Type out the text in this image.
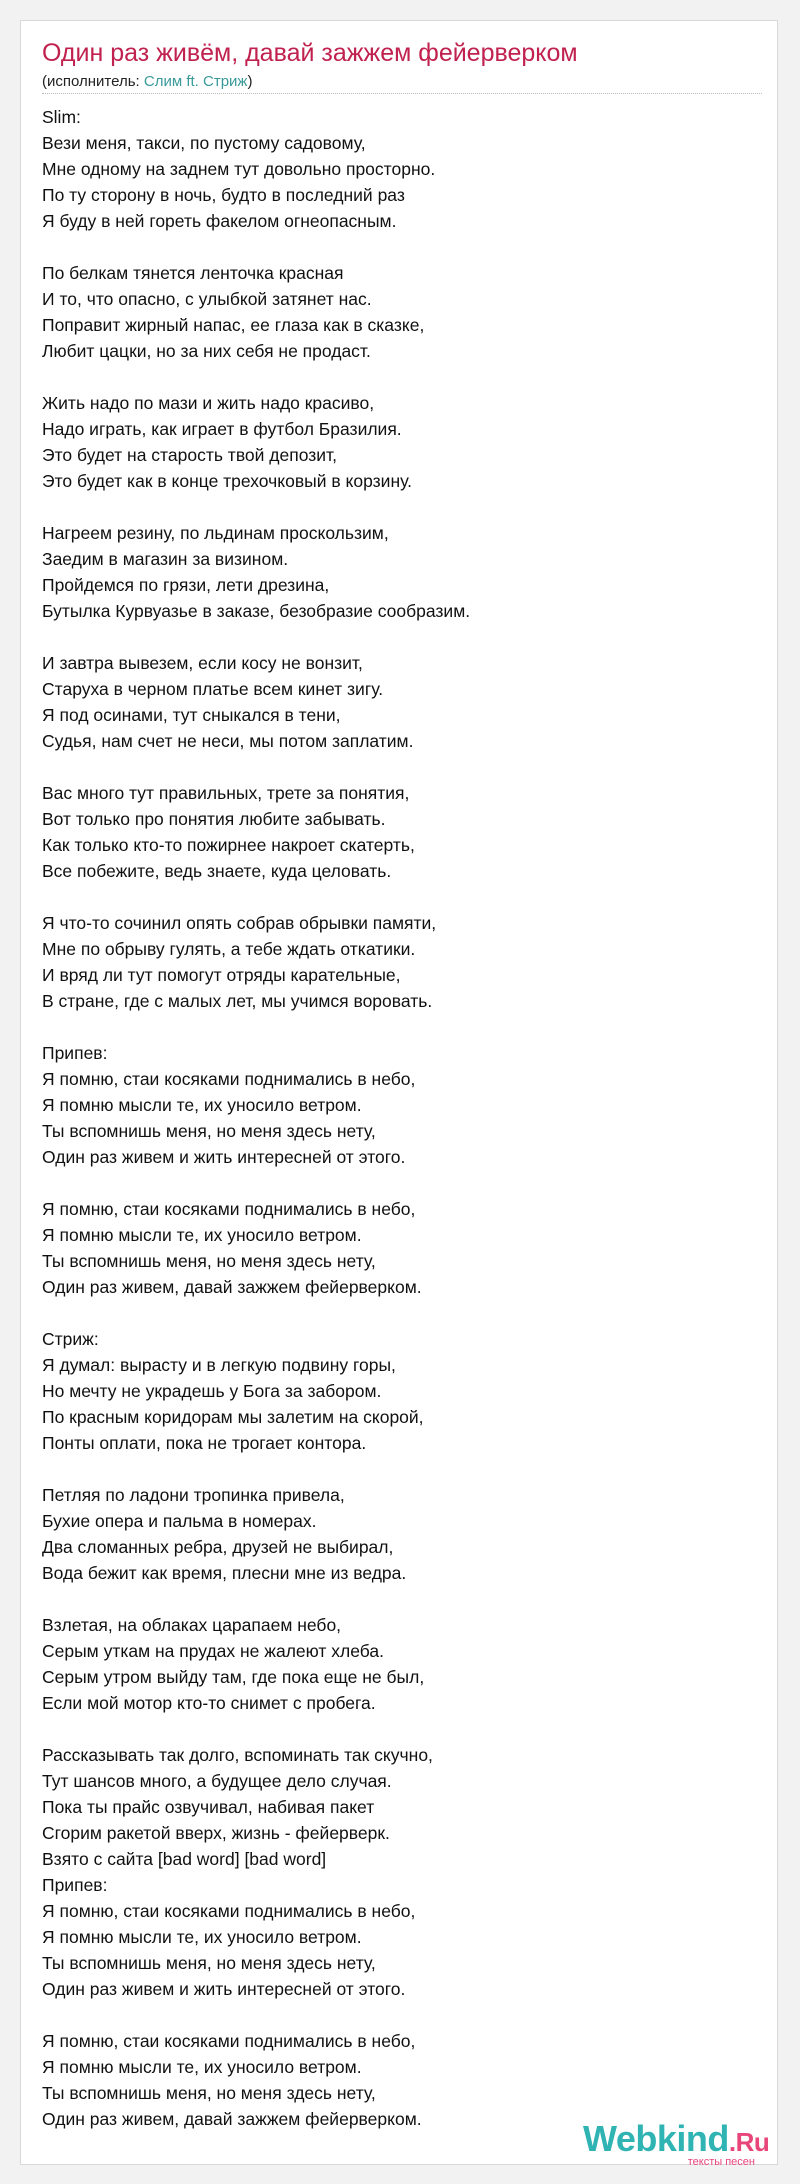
Один раз живём, давай зажжем фейерверком
(исполнитель: Слим ft. Стриж)
Slim:
Вези меня, такси, по пустому садовому,
Мне одному на заднем тут довольно просторно.
По ту сторону в ночь, будто в последний раз
Я буду в ней гореть факелом огнеопасным.
По белкам тянется ленточка красная
И то, что опасно, с улыбкой затянет нас.
Поправит жирный напас, ее глаза как в сказке,
Любит цацки, но за них себя не продаст.
Жить надо по мази и жить надо красиво,
Надо играть, как играет в футбол Бразилия.
Это будет на старость твой депозит,
Это будет как в конце трехочковый в корзину.
Нагреем резину, по льдинам проскользим,
Заедим в магазин за визином.
Пройдемся по грязи, лети дрезина,
Бутылка Курвуазье в заказе, безобразие сообразим.
И завтра вывезем, если косу не вонзит,
Старуха в черном платье всем кинет зигу.
Я под осинами, тут сныкался в тени,
Судья, нам счет не неси, мы потом заплатим.
Вас много тут правильных, трете за понятия,
Вот только про понятия любите забывать.
Как только кто-то пожирнее накроет скатерть,
Все побежите, ведь знаете, куда целовать.
Я что-то сочинил опять собрав обрывки памяти,
Мне по обрыву гулять, а тебе ждать откатики.
И вряд ли тут помогут отряды карательные,
В стране, где с малых лет, мы учимся воровать.
Припев:
Я помню, стаи косяками поднимались в небо,
Я помню мысли те, их уносило ветром.
Ты вспомнишь меня, но меня здесь нету,
Один раз живем и жить интересней от этого.
Я помню, стаи косяками поднимались в небо,
Я помню мысли те, их уносило ветром.
Ты вспомнишь меня, но меня здесь нету,
Один раз живем, давай зажжем фейерверком.
Стриж:
Я думал: вырасту и в легкую подвину горы,
Но мечту не украдешь у Бога за забором.
По красным коридорам мы залетим на скорой,
Понты оплати, пока не трогает контора.
Петляя по ладони тропинка привела,
Бухие опера и пальма в номерах.
Два сломанных ребра, друзей не выбирал,
Вода бежит как время, плесни мне из ведра.
Взлетая, на облаках царапаем небо,
Серым уткам на прудах не жалеют хлеба.
Серым утром выйду там, где пока еще не был,
Если мой мотор кто-то снимет с пробега.
Рассказывать так долго, вспоминать так скучно,
Тут шансов много, а будущее дело случая.
Пока ты прайс озвучивал, набивая пакет
Сгорим ракетой вверх, жизнь - фейерверк.
Взято с сайта [bad word] [bad word]
Припев:
Я помню, стаи косяками поднимались в небо,
Я помню мысли те, их уносило ветром.
Ты вспомнишь меня, но меня здесь нету,
Один раз живем и жить интересней от этого.
Я помню, стаи косяками поднимались в небо,
Я помню мысли те, их уносило ветром.
Ты вспомнишь меня, но меня здесь нету,
Один раз живем, давай зажжем фейерверком.	Webkind.Ru
тексты песен
